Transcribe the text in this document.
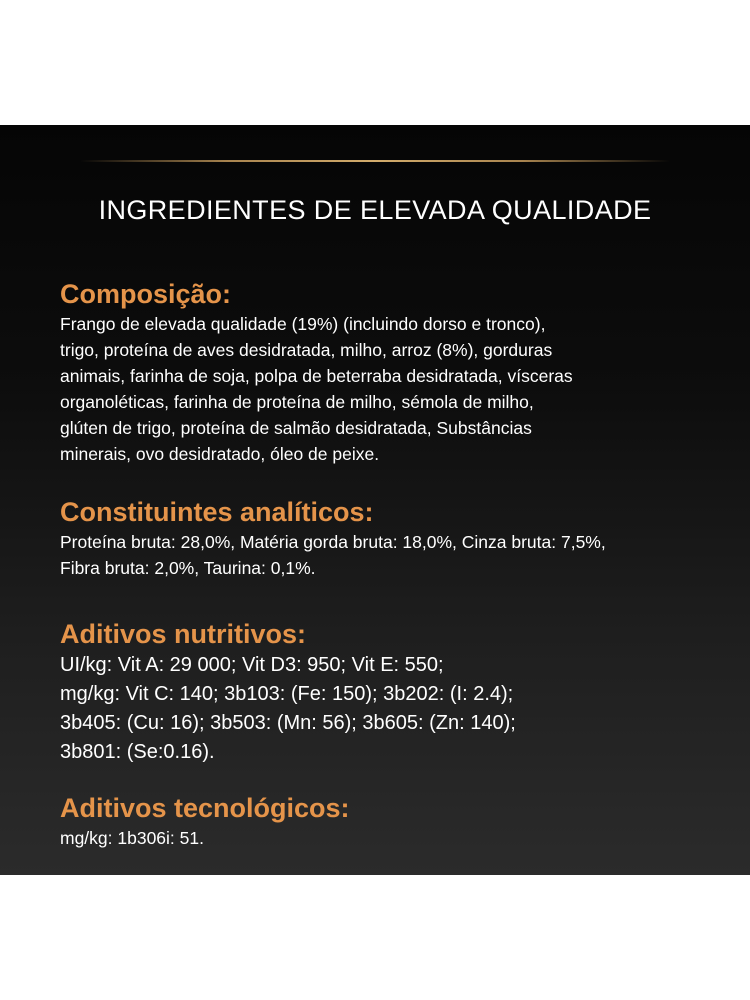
INGREDIENTES DE ELEVADA QUALIDADE
Composição:

Frango de elevada qualidade (19%) (incluindo dorso e tronco),
trigo, proteína de aves desidratada, milho, arroz (8%), gorduras
animais, farinha de soja, polpa de beterraba desidratada, vísceras
organoléticas, farinha de proteína de milho, sémola de milho,
glúten de trigo, proteína de salmão desidratada, Substâncias
minerais, ovo desidratado, óleo de peixe.

Constituintes analíticos:

Proteína bruta: 28,0%, Matéria gorda bruta: 18,0%, Cinza bruta: 7,5%,
Fibra bruta: 2,0%, Taurina: 0,1%.

Aditivos nutritivos:

UI/kg: Vit A: 29 000; Vit D3: 950; Vit E: 550;
mg/kg: Vit C: 140; 3b103: (Fe: 150); 3b202: (I: 2.4);
3b405: (Cu: 16); 3b503: (Mn: 56); 3b605: (Zn: 140);
3b801: (Se:0.16).

Aditivos tecnológicos:

mg/kg: 1b306i: 51.
